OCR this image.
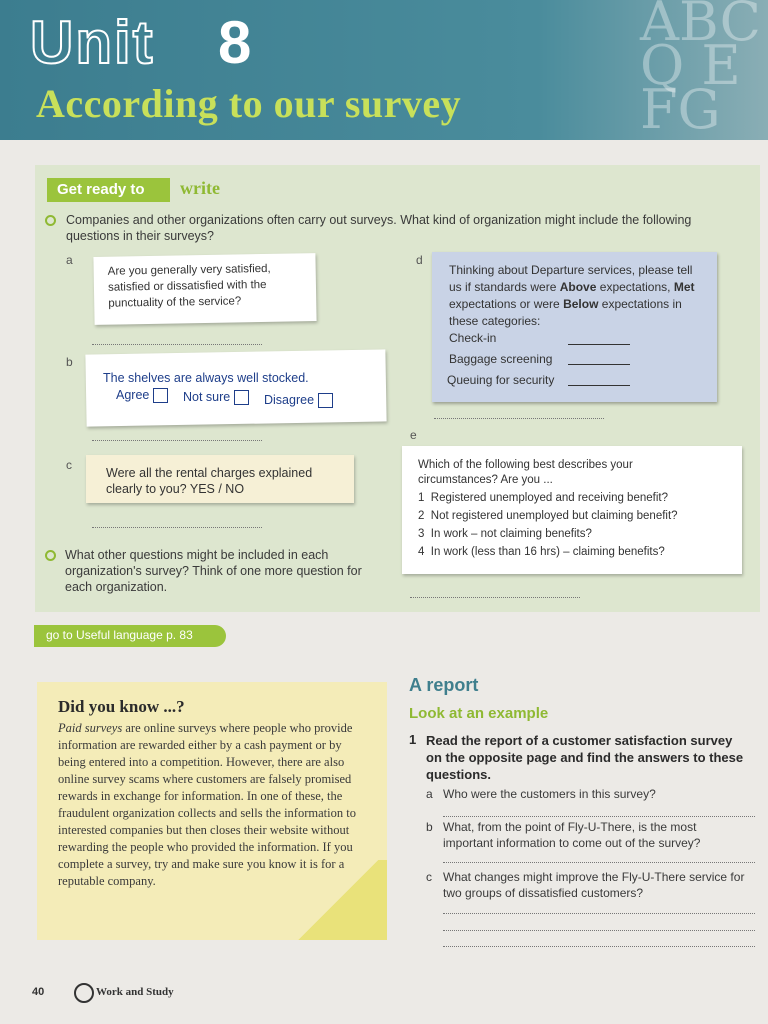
ABCQ EFG
Unit 8
According to our survey
Get ready to write
Companies and other organizations often carry out surveys. What kind of organization might include the following questions in their surveys?
a
Are you generally very satisfied, satisfied or dissatisfied with the punctuality of the service?
b
The shelves are always well stocked.
Agree	Not sure	Disagree
c
Were all the rental charges explained clearly to you? YES / NO
d
Thinking about Departure services, please tell us if standards were Above expectations, Met expectations or were Below expectations in these categories:
Check-in
Baggage screening
Queuing for security
e
Which of the following best describes your circumstances? Are you ...
1 Registered unemployed and receiving benefit?
2 Not registered unemployed but claiming benefit?
3 In work – not claiming benefits?
4 In work (less than 16 hrs) – claiming benefits?
What other questions might be included in each organization's survey? Think of one more question for each organization.
go to Useful language p. 83
Did you know ...?
Paid surveys are online surveys where people who provide information are rewarded either by a cash payment or by being entered into a competition. However, there are also online survey scams where customers are falsely promised rewards in exchange for information. In one of these, the fraudulent organization collects and sells the information to interested companies but then closes their website without rewarding the people who provided the information. If you complete a survey, try and make sure you know it is for a reputable company.
A report
Look at an example
1 Read the report of a customer satisfaction survey on the opposite page and find the answers to these questions.
a Who were the customers in this survey?
b What, from the point of Fly-U-There, is the most important information to come out of the survey?
c What changes might improve the Fly-U-There service for two groups of dissatisfied customers?
40	Work and Study
